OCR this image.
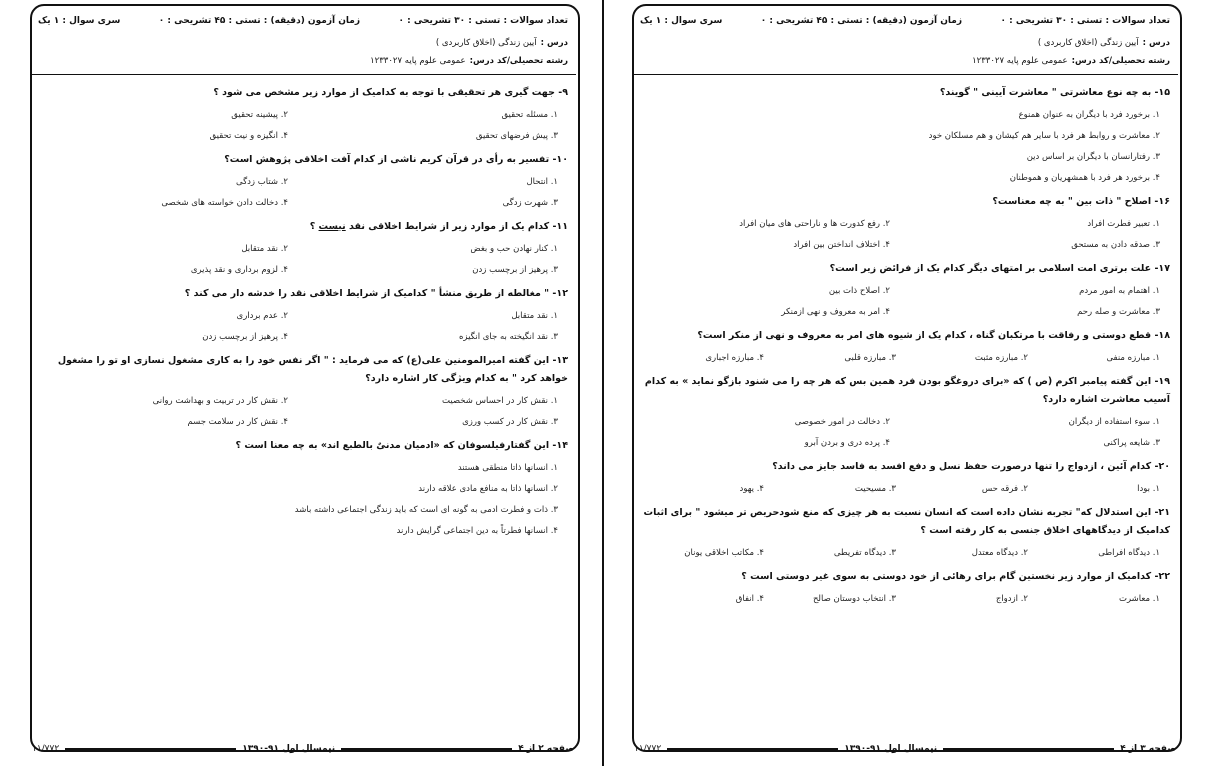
تعداد سوالات : تستی : ۳۰ تشریحی : ۰
زمان آزمون (دقیقه) : تستی : ۴۵ تشریحی : ۰
سری سوال : ۱ یک
درس :
آیین زندگی (اخلاق کاربردی )
رشته تحصیلی/کد درس:
عمومی علوم پایه ۱۲۳۳۰۲۷
۹- جهت گیری هر تحقیقی با توجه به کدامیک از موارد زیر مشخص می شود ؟
۱. مسئله تحقیق
۲. پیشینه تحقیق
۳. پیش فرضهای تحقیق
۴. انگیزه و نیت تحقیق
۱۰- تفسیر به رأی در قرآن کریم ناشی از کدام آفت اخلاقی پژوهش است؟
۱. انتحال
۲. شتاب زدگی
۳. شهرت زدگی
۴. دخالت دادن خواسته های شخصی
۱۱- کدام یک از موارد زیر از شرایط اخلاقی نقد نیست ؟
۱. کنار نهادن حب و بغض
۲. نقد متقابل
۳. پرهیز از برچسب زدن
۴. لزوم برداری و نقد پذیری
۱۲- " مغالطه از طریق منشأ " کدامیک از شرایط اخلاقی نقد را خدشه دار می کند ؟
۱. نقد متقابل
۲. عدم برداری
۳. نقد انگیخته به جای انگیزه
۴. پرهیز از برچسب زدن
۱۳- این گفته امیرالمومنین علی(ع) که می فرماید : " اگر نفس خود را به کاری مشغول نسازی او تو را مشغول خواهد کرد " به کدام ویژگی کار اشاره دارد؟
۱. نقش کار در احساس شخصیت
۲. نقش کار در تربیت و بهداشت روانی
۳. نقش کار در کسب ورزی
۴. نقش کار در سلامت جسم
۱۴- این گفتارفیلسوفان که «ادمیان مدنیٌ بالطبع اند» به چه معنا است ؟
۱. انسانها ذاتا منطقی هستند
۲. انسانها ذاتا به منافع مادی علاقه دارند
۳. ذات و فطرت ادمی به گونه ای است که باید زندگی اجتماعی داشته باشد
۴. انسانها فطرتاً به دین اجتماعی گرایش دارند
صفحه ۲ از ۴
نیمسال اول ۹۱-۱۳۹۰
۱۱/۷۷۲
تعداد سوالات : تستی : ۳۰ تشریحی : ۰
زمان آزمون (دقیقه) : تستی : ۴۵ تشریحی : ۰
سری سوال : ۱ یک
درس :
آیین زندگی (اخلاق کاربردی )
رشته تحصیلی/کد درس:
عمومی علوم پایه ۱۲۳۳۰۲۷
۱۵- به چه نوع معاشرتی " معاشرت آیینی " گویند؟
۱. برخورد فرد با دیگران به عنوان همنوع
۲. معاشرت و روابط هر فرد با سایر هم کیشان و هم مسلکان خود
۳. رفتارانسان با دیگران بر اساس دین
۴. برخورد هر فرد با همشهریان و هموطنان
۱۶- اصلاح " ذات بین " به چه معناست؟
۱. تعبیر فطرت افراد
۲. رفع کدورت ها و ناراحتی های میان افراد
۳. صدقه دادن به مستحق
۴. اختلاف انداختن بین افراد
۱۷- علت برتری امت اسلامی بر امتهای دیگر کدام یک از فرائض زیر است؟
۱. اهتمام به امور مردم
۲. اصلاح ذات بین
۳. معاشرت و صله رحم
۴. امر به معروف و نهی ازمنکر
۱۸- قطع دوستی و رفاقت با مرتکبان گناه ، کدام یک از شیوه های امر به معروف و نهی از منکر است؟
۱. مبارزه منفی
۲. مبارزه مثبت
۳. مبارزه قلبی
۴. مبارزه اجباری
۱۹- این گفته پیامبر اکرم (ص ) که «برای دروغگو بودن فرد همین بس که هر چه را می شنود بازگو نماید » به کدام آسیب معاشرت اشاره دارد؟
۱. سوء استفاده از دیگران
۲. دخالت در امور خصوصی
۳. شایعه پراکنی
۴. پرده دری و بردن آبرو
۲۰- کدام آئین ، ازدواج را تنها درصورت حفظ نسل و دفع افسد به فاسد جایز می داند؟
۱. بودا
۲. فرقه حس
۳. مسیحیت
۴. یهود
۲۱- این استدلال که" تجربه نشان داده است که انسان نسبت به هر چیزی که منع شودحریص تر میشود " برای اثبات کدامیک از دیدگاههای اخلاق جنسی به کار رفته است ؟
۱. دیدگاه افراطی
۲. دیدگاه معتدل
۳. دیدگاه تفریطی
۴. مکاتب اخلاقی یونان
۲۲- کدامیک از موارد زیر نخستین گام برای رهائی از خود دوستی به سوی غیر دوستی است ؟
۱. معاشرت
۲. ازدواج
۳. انتخاب دوستان صالح
۴. انفاق
صفحه ۳ از ۴
نیمسال اول ۹۱-۱۳۹۰
۱۱/۷۷۲
